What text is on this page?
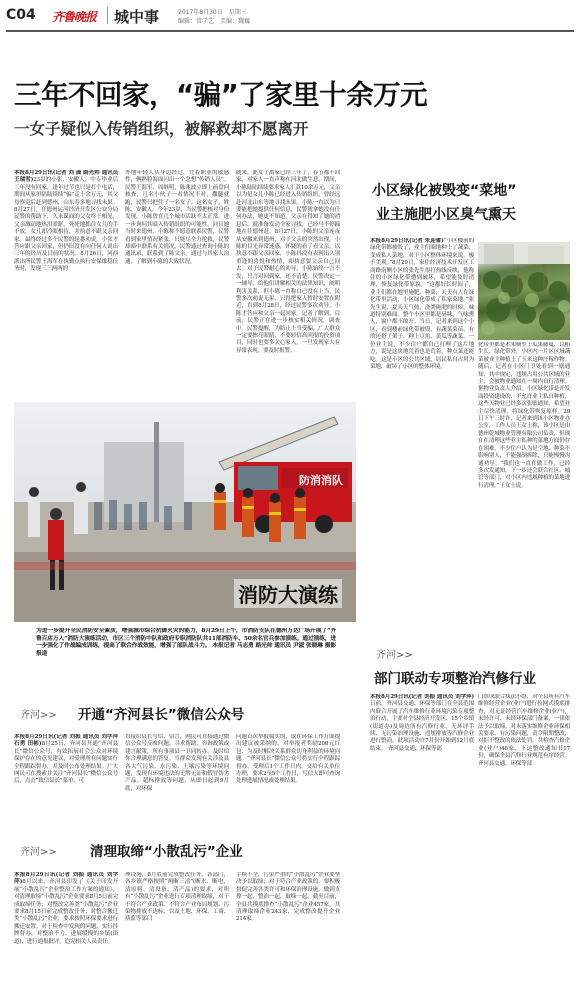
C04 齐鲁晚报 城中事	2017年8月30日　星期三
编辑：常学艺　美编：魏巍
三年不回家，“骗”了家里十余万元
一女子疑似入传销组织，被解救却不愿离开
本报8月29日讯(记者 刘 潇 路光帅 通讯员 王瑞雪)23岁的小张，安徽人，中专毕业后三年没有回家，逢年过节也只是打个电话，期间从家里陆陆续续“骗”走十余万元，其父母察觉后赶到德州，山东寿多地寻找未果。8月27日，在德州运河经济开发区公安分局民警的帮助下，久未谋面的父女终于相见，父亲激动地热泪盈眶，死死地抓住女儿的手不放，女儿却冷眼相待，并执意不跟父亲回家。最终经过多个民警的轮番劝说，小张才答应跟父亲回家，但仍旧没有向任何人说出三年的经历及目前的状况。8月26日，河西派出所民警王海军在执勤点执行安保维稳任务时，发现三三两两的
外地年轻人从身边经过，凭着职业的敏感性，俩熟脸海面闪出一个念想“传销人员”。民警王海军、周继明，陈兆波立即上前盘问核查，几名小伙子一看情况不对，撒腿就跑，民警只把住了一名女子。这名女子，姓陈，安徽人，今年23岁，当民警把核对身份发现，小陈曾在几个城市活跃不太正常，进一步询问其暗入传销组织的可能性。同且她当时来德州，小陈称不愿意联系民警，民警看到家里情况紧张，只能尽全力抢救，民警却暗中联系有关情况，民警通过查询小陈的通讯录，联系到了陈父亲，通过与其家人沟通，了解到小陈的大致状况。
随来，此女子离家已经三年了，春节都不回家，对家人一直声称在河北做生意，期间，小陈陆陆续续要求家人汇款10余万元，父亲以为是女儿小陈已经进入传销组织，曾经远赴河北山东等地寻找未果。小陈一直以为只要能把她提供任何信息，民警就拿她没有任何办法，她更不知道，父亲在得知了她的消息后，就准备发动全家寻找，已经马不停蹄地在往德州赶。8月27日，小陈的父亲连夜从安徽来到德州，对于父亲的突然出现，小陈的目光异常迷惑，怀疑的看了看父亲，以执意不跟父亲回家，小陈抖没有表现出久别重逢的喜悦和热情，却执意要父亲自己回去。对于民警耐心的劝导，小陈始终一言不发，只言对回到家，还不清楚，民警决定一一辅导，给他们讲解相关的法律知识，阐明利害关系，但小陈一直称自己没有上当，民警多次劝说无果，只得把家人暂时安置在附近，直到8月28日，经过民警多次劝导，小陈才答应和父亲一起回家。记者了解到，目前，民警正在进一步核实相关情况，调查中。民警提醒，为防止上当受骗，广大群众一定要擦亮眼睛，不要轻信高回报的投资项目，同时也要多关心家人，一旦发现家人有异常表现，要及时报警。
小区绿化被毁变“菜地”
业主施肥小区臭气熏天
本报8月29日讯(记者 朱迎蕾)“小区楼前的绿化带都被毁了，业主们圈地种上了蔬菜，变成私人菜地，对于小区整体环境来说，极不美观。”8月29日，家住经济技术开发区工商路南侧小区的张先生很打热线反映，他称住的小区绿化带遭到破坏，希望能及时清理，恢复绿化带原貌。“这都好长时间了，业主们都在地里施肥、种菜，天天有人在绿化带里活动，小区绿化带成了私家菜地。”张先生说，夏天天气热，浇粪施肥的时候，味道特别难闻。整个小区里都是臭味，气味熏人，窗户都不敢开。当日，记者来到这个小区，看到楼前绿化带被毁，有蔬菜菜苗、有的还搭了架子，种上豆角、黄瓜等蔬菜。一位业主说，不少住户都自己打理了这片地方，说是这块地荒着也是荒着，种点菜还能吃。这是小区的公共区域，居民私自占用为菜地，破坏了小区的整体环境。
化带里都是木架横竖上瓜果藤蔓，以粗生长，绿化带外，小区内一片区区域蔬菜被业主种植上了玉米这种庄稼作物。随后，记者在小区门卫处看到一则通知，其中规定，违规占用公共区域的业主，会被物业通知在一周内自行清理。据物业负责人介绍，小区绿化带是开发商投资建设的，不允许业主私自种植，这些天物业已经多次张贴通知，希望业主尽快清理，将绿化带恢复原样。29日下午三时许，记者来到该小区物业办公室，工作人员王女士称，该小区是由德州乾城物业管理有限公司负责，但现在在清理这些业主私种的菜地方面仍存在困难，不少住户认为是空地，种菜不影响别人，不能强制拆除，只能慢慢沟通劝导。“我们也一直在做工作，已经多次发通知，下一步还会联合社区、城管等部门，对小区内违规种植的菜地进行清理。”王女士说。
防消消队
消防大演练
为进一步提升全民消防安全素质，增强城市综合抗御火灾的能力，8月29日上午，市消防支队在德州万达广场开展了“齐鲁百店万人”消防大演练活动，市区三个消防中队和政府专职消防队共11部消防车、50余名官兵参加演练。通过演练，进一步强化了作战编成训练，提高了联合作战效能，增强了部队战斗力。 本报记者 马志勇 路光帅 通讯员 尹淑 张晓琳 摄影报道
齐河>> 开通“齐河县长”微信公众号
本报8月29日讯(记者 刘振 通讯员 刘学萍 石勇 田彬)8月25日，齐河县开通“齐河县长”微信公众号，有效拓展社会公众对环境保护存在的意见建议，对受理所有问题实行全程跟踪督办，并及时公布处理结果。广大网民可在搜索并关注“齐河县长”微信公众号后，点击“致信县长”菜单，可
直接给县长写信、留言，网民可直接通过微信公众号反映问题、寻求帮助，咨询政策或建言献策，所有事项县一卫同转办，及时给你合理满意的答复。当群众发现有关涉及县各大气污染、水污染、土壤污染等环境问题，发现有环境违法的无牌无证和假冒伪劣产品、超标排放等问题，从即日起到9月底，对环保
问题首次举报属实的，或在环保工作方面提出建议被采纳的，对举报者奖励200元红包，为及时解决关系群众切身利益的环境问题。“齐河县长”微信公众号将实行全程跟踪督办，受理后1个工作日内，交给有关单位办理，要求2至5个工作日，写信人即可查询处理进展情况或处理结果。
齐河>>
部门联动专项整治汽修行业
本报8月29日讯(记者 刘振 通讯员 刘学萍)日前，齐河县交通、环保等部门在全县范围内联合开展了汽车维修行业环境污染专项整治行动，主要对全县经济开发区、15个乡镇(街道办)及周边所有汽修行业、无环评手续、无污染治理设施、违规排放等汽修企业进行整治。此项活动自7月份开始到12月底结束。 齐河县交通、环保等部
门组成联合执法小组，对全县所有汽车维修经营企业(业户)进行拉网式摸底排查，对无证经营汽车维修企业(业户)，未经许可、未经环保部门备案，一律依法予以取缔。对未落实维修企业环保相关要求、有污染问题，责令限期整改，对拒不整改的依法处罚，共检查汽修企业(业户)46家，下达整改通知书17份，确保全县汽修行业规范有序经营。齐河县交通、环保等部
齐河>> 清理取缔“小散乱污”企业
本报8月29日讯(记者 刘振 通讯员 刘学萍)8月以来，齐河县印发了《关于印发开展“小散乱污”企业整治工作方案的通知》，对清理取缔“小散乱污”企业要求8月5日前完成取缔任务；对整改完善类“小散乱污”企业要求8月15日前完成整改任务；对整合搬迁类“小散乱污”企业，要求按照环保要求进行搬迁安置。对于检查中发现的问题，实行挂牌督办，对整治不力、进展缓慢的乡镇(街道)，进行通报批评，追究相关人员责任。
理设施，8月底前完成整改任务。各部门，各乡镇严格按照“两断三清”(断水、断电，清原料、清设备、清产品)的要求，对所有“小散乱污”企业进行专项清理取缔，对于不符合产业政策、不符合产业布局规划、污染物排放不达标、以及土地、环保、工商、质监等部门
手续不全，污染严重的“小散乱污”企业要坚决予以取缔；对于符合产业政策的，要积极督促完善各类许可和环保治理设施，做到支撑一起，整治一起，取缔一起。截至目前，全县共摸底排查“小散乱污”企业457家，共清理取缔企业243家，完成整改提升企业214家。
